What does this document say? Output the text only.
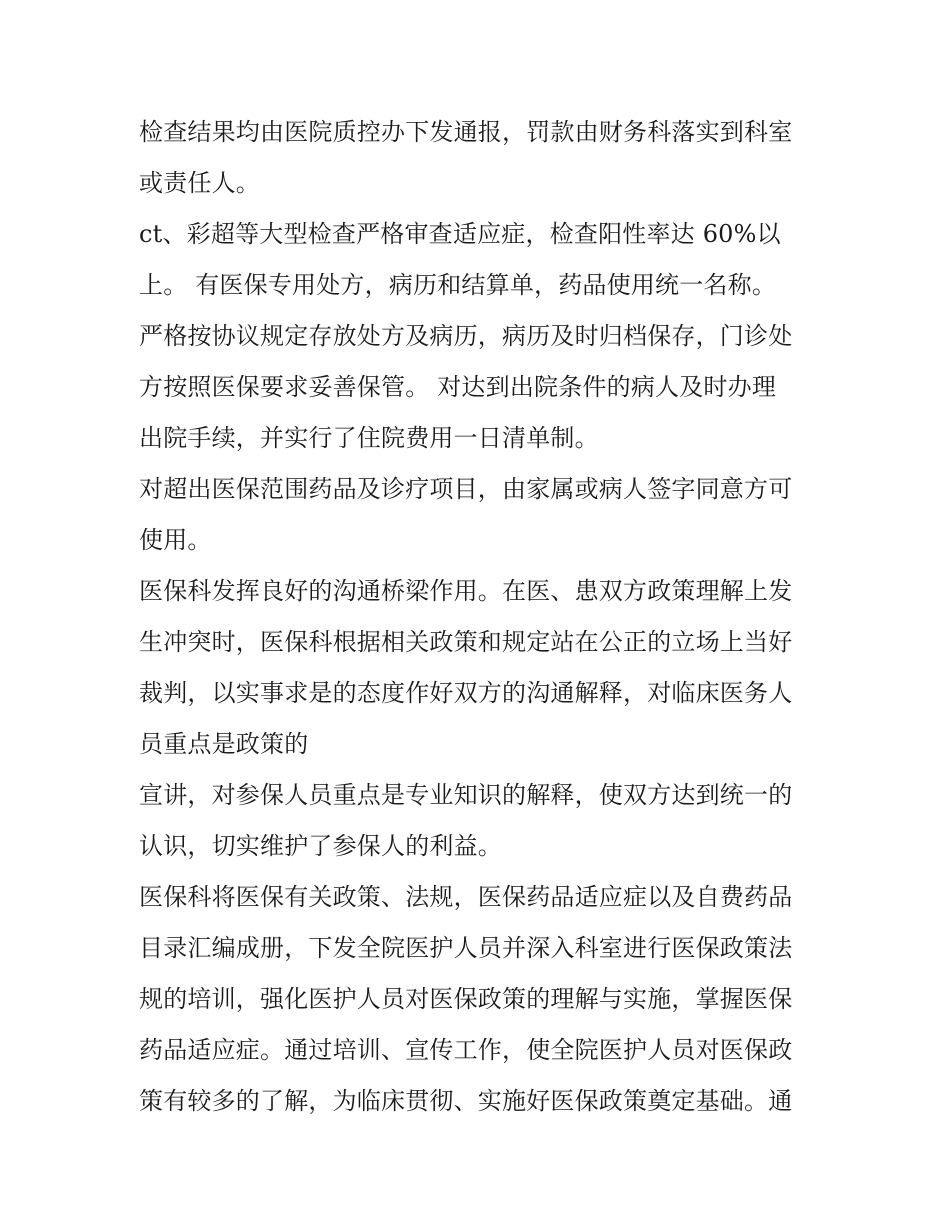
检查结果均由医院质控办下发通报，罚款由财务科落实到科室
或责任人。
ct、彩超等大型检查严格审查适应症，检查阳性率达 60%以
上。 有医保专用处方，病历和结算单，药品使用统一名称。
严格按协议规定存放处方及病历，病历及时归档保存，门诊处
方按照医保要求妥善保管。 对达到出院条件的病人及时办理
出院手续，并实行了住院费用一日清单制。
对超出医保范围药品及诊疗项目，由家属或病人签字同意方可
使用。
医保科发挥良好的沟通桥梁作用。在医、患双方政策理解上发
生冲突时，医保科根据相关政策和规定站在公正的立场上当好
裁判，以实事求是的态度作好双方的沟通解释，对临床医务人
员重点是政策的
宣讲，对参保人员重点是专业知识的解释，使双方达到统一的
认识，切实维护了参保人的利益。
医保科将医保有关政策、法规，医保药品适应症以及自费药品
目录汇编成册，下发全院医护人员并深入科室进行医保政策法
规的培训，强化医护人员对医保政策的理解与实施，掌握医保
药品适应症。通过培训、宣传工作，使全院医护人员对医保政
策有较多的了解，为临床贯彻、实施好医保政策奠定基础。通
